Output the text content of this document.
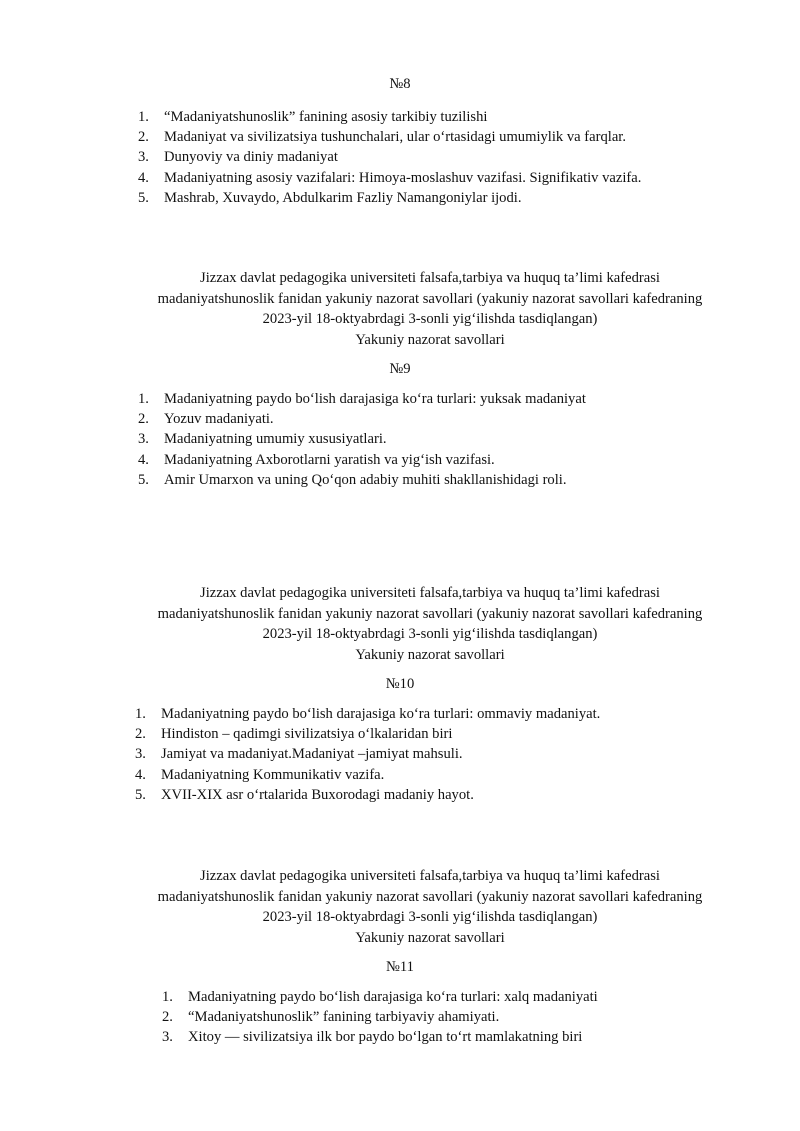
№8
1. “Madaniyatshunoslik” fanining asosiy tarkibiy tuzilishi
2. Madaniyat va sivilizatsiya tushunchalari, ular oʻrtasidagi umumiylik va farqlar.
3. Dunyoviy va diniy madaniyat
4. Madaniyatning asosiy vazifalari: Himoya-moslashuv vazifasi. Signifikativ vazifa.
5. Mashrab, Xuvaydo, Abdulkarim Fazliy Namangoniylar ijodi.
Jizzax davlat pedagogika universiteti falsafa,tarbiya va huquq ta’limi kafedrasi
madaniyatshunoslik fanidan yakuniy nazorat savollari (yakuniy nazorat savollari kafedraning
2023-yil 18-oktyabrdagi 3-sonli yigʻilishda tasdiqlangan)
Yakuniy nazorat savollari
№9
1. Madaniyatning paydo boʻlish darajasiga koʻra turlari: yuksak madaniyat
2. Yozuv madaniyati.
3. Madaniyatning umumiy xususiyatlari.
4. Madaniyatning Axborotlarni yaratish va yigʻish vazifasi.
5. Amir Umarxon va uning Qoʻqon adabiy muhiti shakllanishidagi roli.
Jizzax davlat pedagogika universiteti falsafa,tarbiya va huquq ta’limi kafedrasi
madaniyatshunoslik fanidan yakuniy nazorat savollari (yakuniy nazorat savollari kafedraning
2023-yil 18-oktyabrdagi 3-sonli yigʻilishda tasdiqlangan)
Yakuniy nazorat savollari
№10
1. Madaniyatning paydo boʻlish darajasiga koʻra turlari: ommaviy madaniyat.
2. Hindiston – qadimgi sivilizatsiya oʻlkalaridan biri
3. Jamiyat va madaniyat.Madaniyat –jamiyat mahsuli.
4. Madaniyatning Kommunikativ vazifa.
5. XVII-XIX asr oʻrtalarida Buxorodagi madaniy hayot.
Jizzax davlat pedagogika universiteti falsafa,tarbiya va huquq ta’limi kafedrasi
madaniyatshunoslik fanidan yakuniy nazorat savollari (yakuniy nazorat savollari kafedraning
2023-yil 18-oktyabrdagi 3-sonli yigʻilishda tasdiqlangan)
Yakuniy nazorat savollari
№11
1. Madaniyatning paydo boʻlish darajasiga koʻra turlari: xalq madaniyati
2. “Madaniyatshunoslik” fanining tarbiyaviy ahamiyati.
3. Xitoy — sivilizatsiya ilk bor paydo boʻlgan toʻrt mamlakatning biri
